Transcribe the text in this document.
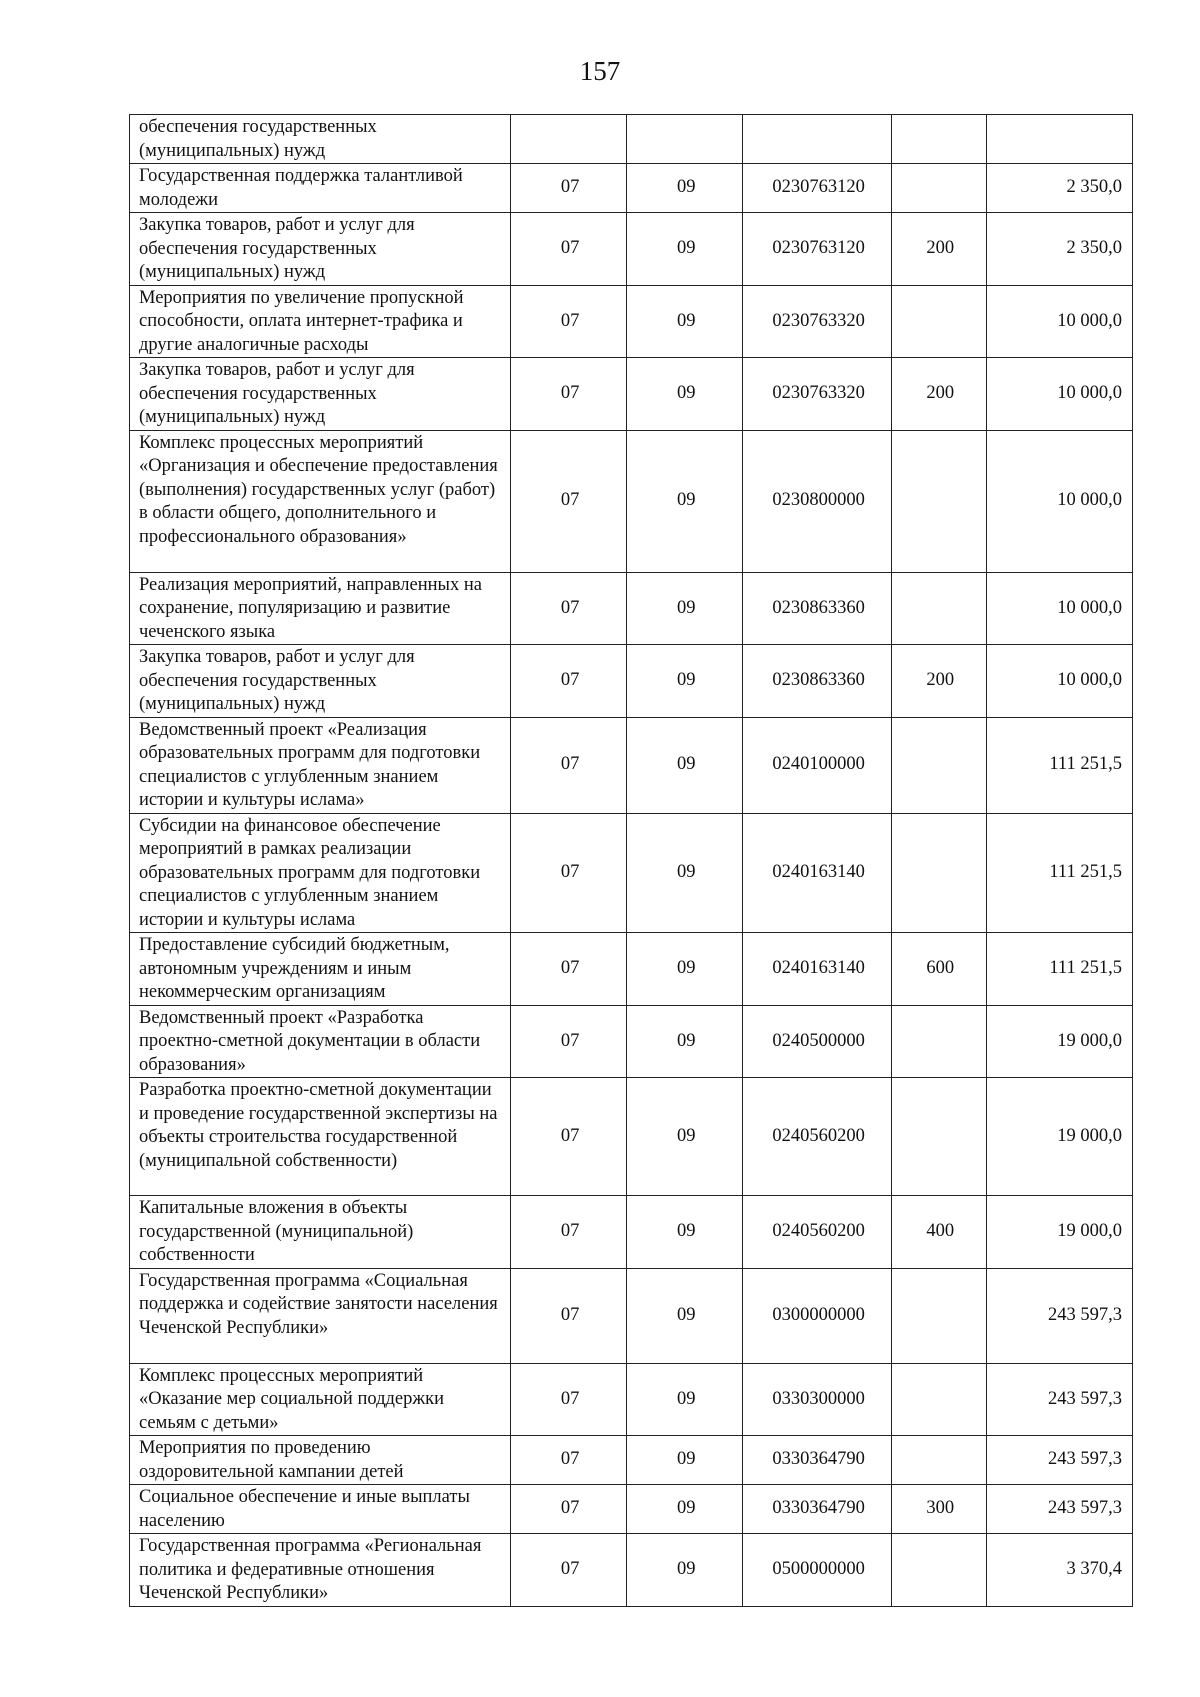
157
обеспечения государственных (муниципальных) нужд					
Государственная поддержка талантливой молодежи	07	09	0230763120		2 350,0
Закупка товаров, работ и услуг для обеспечения государственных (муниципальных) нужд	07	09	0230763120	200	2 350,0
Мероприятия по увеличение пропускной способности, оплата интернет-трафика и другие аналогичные расходы	07	09	0230763320		10 000,0
Закупка товаров, работ и услуг для обеспечения государственных (муниципальных) нужд	07	09	0230763320	200	10 000,0
Комплекс процессных мероприятий «Организация и обеспечение предоставления (выполнения) государственных услуг (работ) в области общего, дополнительного и профессионального образования»	07	09	0230800000		10 000,0
Реализация мероприятий, направленных на сохранение, популяризацию и развитие чеченского языка	07	09	0230863360		10 000,0
Закупка товаров, работ и услуг для обеспечения государственных (муниципальных) нужд	07	09	0230863360	200	10 000,0
Ведомственный проект «Реализация образовательных программ для подготовки специалистов с углубленным знанием истории и культуры ислама»	07	09	0240100000		111 251,5
Субсидии на финансовое обеспечение мероприятий в рамках реализации образовательных программ для подготовки специалистов с углубленным знанием истории и культуры ислама	07	09	0240163140		111 251,5
Предоставление субсидий бюджетным, автономным учреждениям и иным некоммерческим организациям	07	09	0240163140	600	111 251,5
Ведомственный проект «Разработка проектно-сметной документации в области образования»	07	09	0240500000		19 000,0
Разработка проектно-сметной документации и проведение государственной экспертизы на объекты строительства государственной (муниципальной собственности)	07	09	0240560200		19 000,0
Капитальные вложения в объекты государственной (муниципальной) собственности	07	09	0240560200	400	19 000,0
Государственная программа «Социальная поддержка и содействие занятости населения Чеченской Республики»	07	09	0300000000		243 597,3
Комплекс процессных мероприятий «Оказание мер социальной поддержки семьям с детьми»	07	09	0330300000		243 597,3
Мероприятия по проведению оздоровительной кампании детей	07	09	0330364790		243 597,3
Социальное обеспечение и иные выплаты населению	07	09	0330364790	300	243 597,3
Государственная программа «Региональная политика и федеративные отношения Чеченской Республики»	07	09	0500000000		3 370,4
